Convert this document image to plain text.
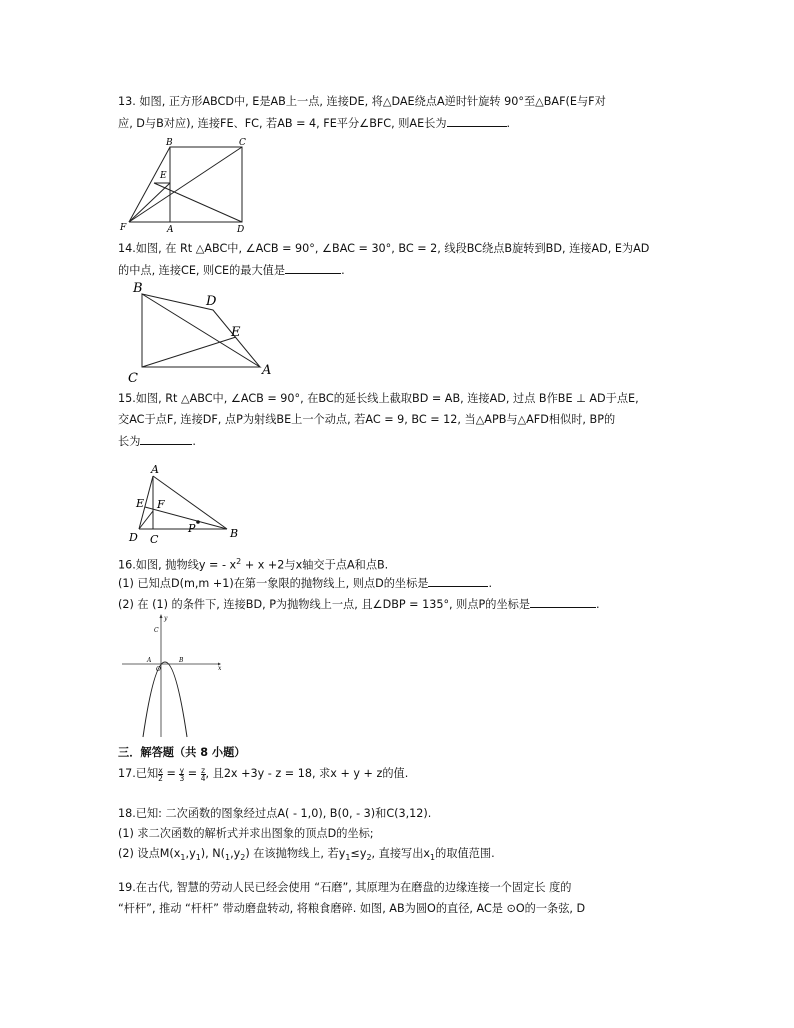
13. 如图, 正方形ABCD中, E是AB上一点, 连接DE, 将△DAE绕点A逆时针旋转 90°至△BAF(E与F对
应, D与B对应), 连接FE、FC, 若AB = 4, FE平分∠BFC, 则AE长为	.
B	C
E
F	A	D
14.如图, 在 Rt △ABC中, ∠ACB = 90°, ∠BAC = 30°, BC = 2, 线段BC绕点B旋转到BD, 连接AD, E为AD
的中点, 连接CE, 则CE的最大值是	.
B
D
E
C
A
15.如图, Rt △ABC中, ∠ACB = 90°, 在BC的延长线上截取BD = AB, 连接AD, 过点 B作BE ⊥ AD于点E,
交AC于点F, 连接DF, 点P为射线BE上一个动点, 若AC = 9, BC = 12, 当△APB与△AFD相似时, BP的
长为	.
A
E F
P
D C	B
16.如图, 抛物线y = - $x^2 + x +2$与x轴交于点A和点B.
(1) 已知点D(m,m +1)在第一象限的抛物线上, 则点D的坐标是	.
(2) 在 (1) 的条件下, 连接BD, P为抛物线上一点, 且∠DBP = 135°, 则点P的坐标是	.
y
x
C
A
O
B
三．解答题（共 8 小题）
17.已知 $\frac{x}{2} = \frac{y}{3} = \frac{z}{4}$ , 且2x +3y - z = 18, 求x + y + z的值.
18.已知: 二次函数的图象经过点A( - 1,0), B(0, - 3)和C(3,12).
(1) 求二次函数的解析式并求出图象的顶点D的坐标;
(2) 设点$M(x_1,y_1)$, $N(_1,y_2)$ 在该抛物线上, 若$y_1\le y_2$, 直接写出$x_1$的取值范围.
19.在古代, 智慧的劳动人民已经会使用 “石磨”, 其原理为在磨盘的边缘连接一个固定长 度的
“杆杆”, 推动 “杆杆” 带动磨盘转动, 将粮食磨碎. 如图, AB为圆O的直径, AC是 ⊙O的一条弦, D
